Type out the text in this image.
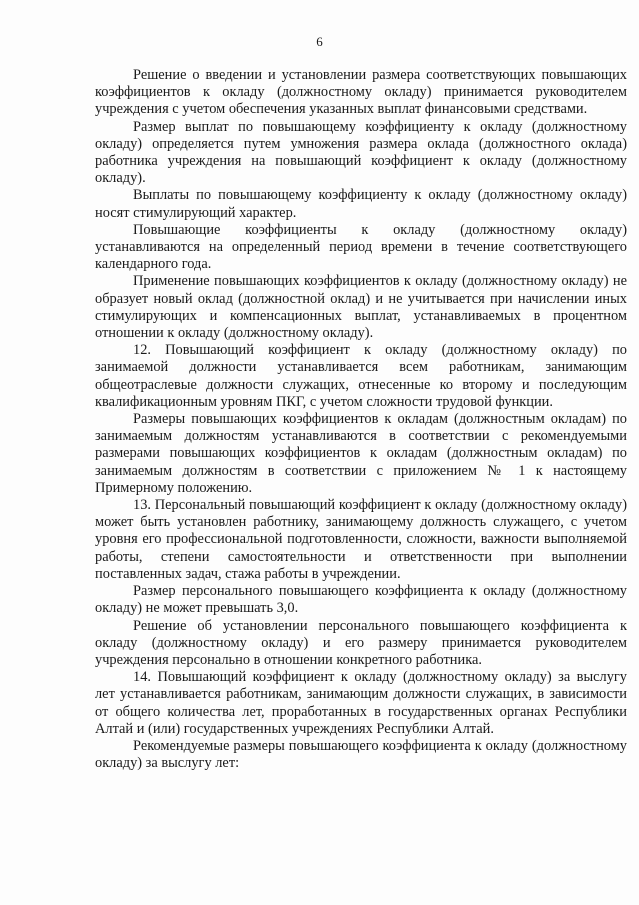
6

Решение о введении и установлении размера соответствующих повышающих коэффициентов к окладу (должностному окладу) принимается руководителем учреждения с учетом обеспечения указанных выплат финансовыми средствами.

Размер выплат по повышающему коэффициенту к окладу (должностному окладу) определяется путем умножения размера оклада (должностного оклада) работника учреждения на повышающий коэффициент к окладу (должностному окладу).

Выплаты по повышающему коэффициенту к окладу (должностному окладу) носят стимулирующий характер.

Повышающие коэффициенты к окладу (должностному окладу) устанавливаются на определенный период времени в течение соответствующего календарного года.

Применение повышающих коэффициентов к окладу (должностному окладу) не образует новый оклад (должностной оклад) и не учитывается при начислении иных стимулирующих и компенсационных выплат, устанавливаемых в процентном отношении к окладу (должностному окладу).

12. Повышающий коэффициент к окладу (должностному окладу) по занимаемой должности устанавливается всем работникам, занимающим общеотраслевые должности служащих, отнесенные ко второму и последующим квалификационным уровням ПКГ, с учетом сложности трудовой функции.

Размеры повышающих коэффициентов к окладам (должностным окладам) по занимаемым должностям устанавливаются в соответствии с рекомендуемыми размерами повышающих коэффициентов к окладам (должностным окладам) по занимаемым должностям в соответствии с приложением № 1 к настоящему Примерному положению.

13. Персональный повышающий коэффициент к окладу (должностному окладу) может быть установлен работнику, занимающему должность служащего, с учетом уровня его профессиональной подготовленности, сложности, важности выполняемой работы, степени самостоятельности и ответственности при выполнении поставленных задач, стажа работы в учреждении.

Размер персонального повышающего коэффициента к окладу (должностному окладу) не может превышать 3,0.

Решение об установлении персонального повышающего коэффициента к окладу (должностному окладу) и его размеру принимается руководителем учреждения персонально в отношении конкретного работника.

14. Повышающий коэффициент к окладу (должностному окладу) за выслугу лет устанавливается работникам, занимающим должности служащих, в зависимости от общего количества лет, проработанных в государственных органах Республики Алтай и (или) государственных учреждениях Республики Алтай.

Рекомендуемые размеры повышающего коэффициента к окладу (должностному окладу) за выслугу лет:
